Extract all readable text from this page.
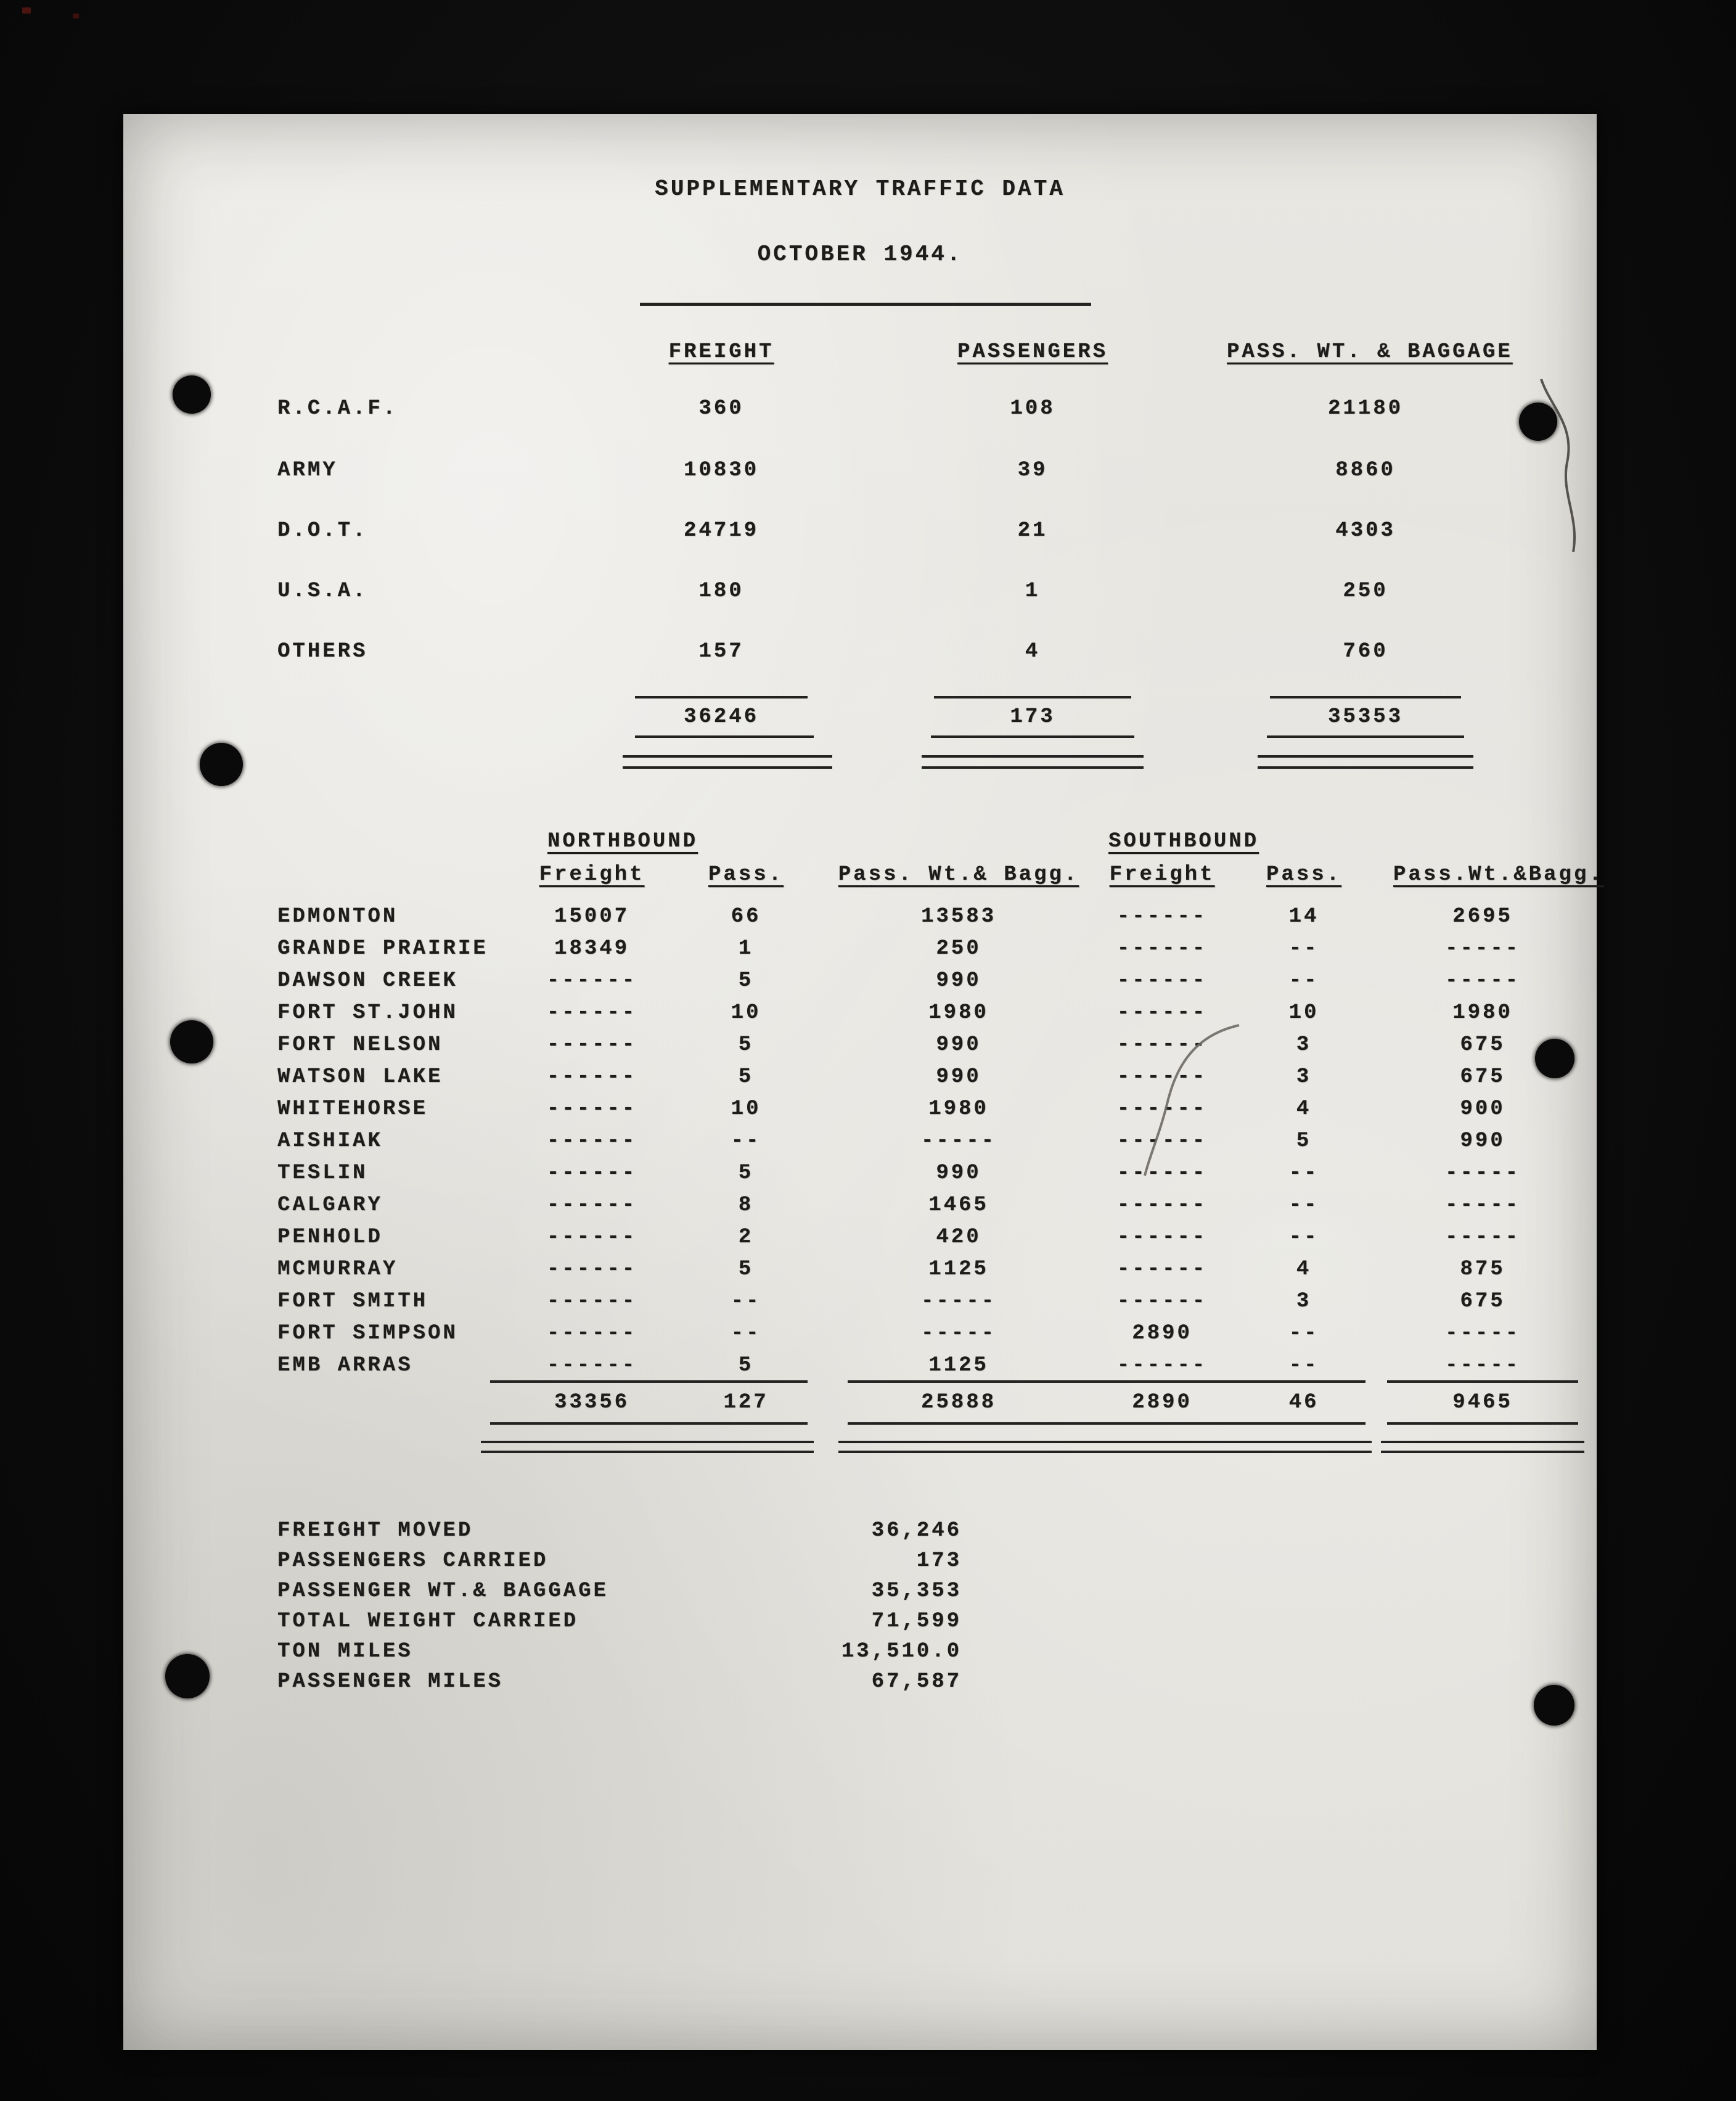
SUPPLEMENTARY TRAFFIC DATA
OCTOBER 1944.
FREIGHT	PASSENGERS	PASS. WT. & BAGGAGE
R.C.A.F.	360	108	21180
ARMY	10830	39	8860
D.O.T.	24719	21	4303
U.S.A.	180	1	250
OTHERS	157	4	760
36246	173	35353
NORTHBOUND	SOUTHBOUND
Freight	Pass.	Pass. Wt.& Bagg.	Freight	Pass.	Pass.Wt.&Bagg.
EDMONTON	15007	66	13583	------	14	2695
GRANDE PRAIRIE	18349	1	250	------	--	-----
DAWSON CREEK	------	5	990	------	--	-----
FORT ST.JOHN	------	10	1980	------	10	1980
FORT NELSON	------	5	990	------	3	675
WATSON LAKE	------	5	990	------	3	675
WHITEHORSE	------	10	1980	------	4	900
AISHIAK	------	--	-----	------	5	990
TESLIN	------	5	990	------	--	-----
CALGARY	------	8	1465	------	--	-----
PENHOLD	------	2	420	------	--	-----
MCMURRAY	------	5	1125	------	4	875
FORT SMITH	------	--	-----	------	3	675
FORT SIMPSON	------	--	-----	2890	--	-----
EMB ARRAS	------	5	1125	------	--	-----
33356	127	25888	2890	46	9465
FREIGHT MOVED	36,246
PASSENGERS CARRIED	173
PASSENGER WT.& BAGGAGE	35,353
TOTAL WEIGHT CARRIED	71,599
TON MILES	13,510.0
PASSENGER MILES	67,587
